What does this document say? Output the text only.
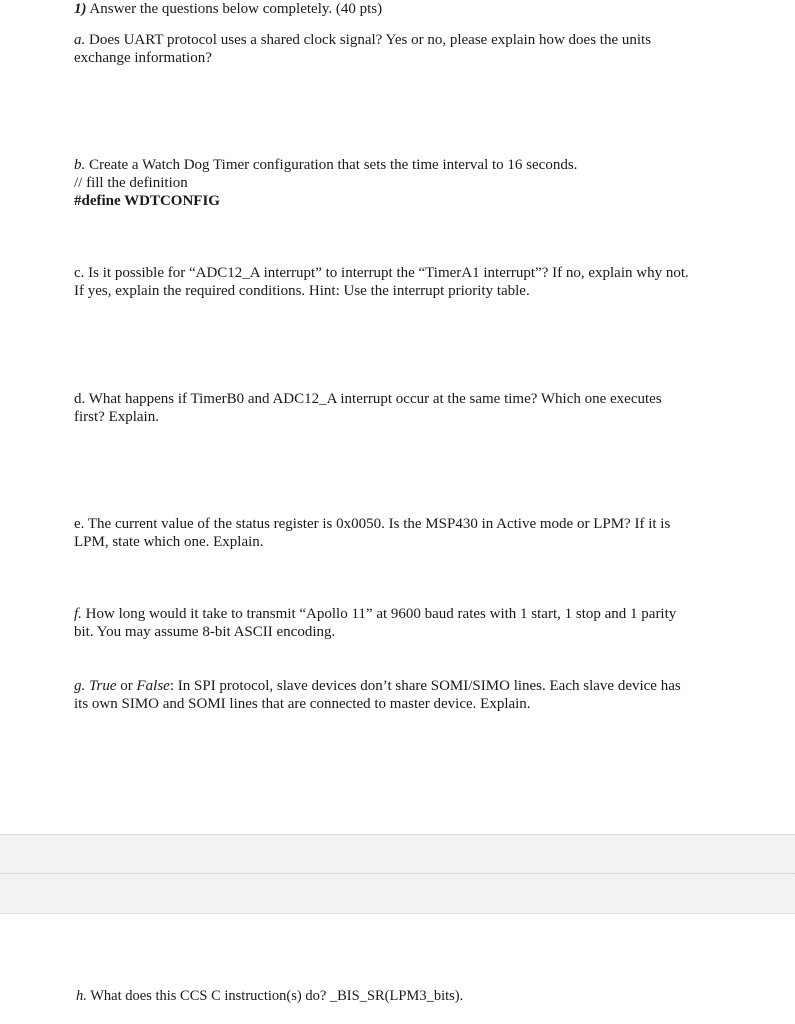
1) Answer the questions below completely. (40 pts)
a. Does UART protocol uses a shared clock signal? Yes or no, please explain how does the units
exchange information?
b. Create a Watch Dog Timer configuration that sets the time interval to 16 seconds.
// fill the definition
#define WDTCONFIG
c. Is it possible for “ADC12_A interrupt” to interrupt the “TimerA1 interrupt”? If no, explain why not.
If yes, explain the required conditions. Hint: Use the interrupt priority table.
d. What happens if TimerB0 and ADC12_A interrupt occur at the same time? Which one executes
first? Explain.
e. The current value of the status register is 0x0050. Is the MSP430 in Active mode or LPM? If it is
LPM, state which one. Explain.
f. How long would it take to transmit “Apollo 11” at 9600 baud rates with 1 start, 1 stop and 1 parity
bit. You may assume 8-bit ASCII encoding.
g. True or False: In SPI protocol, slave devices don’t share SOMI/SIMO lines. Each slave device has
its own SIMO and SOMI lines that are connected to master device. Explain.
h. What does this CCS C instruction(s) do? _BIS_SR(LPM3_bits).
